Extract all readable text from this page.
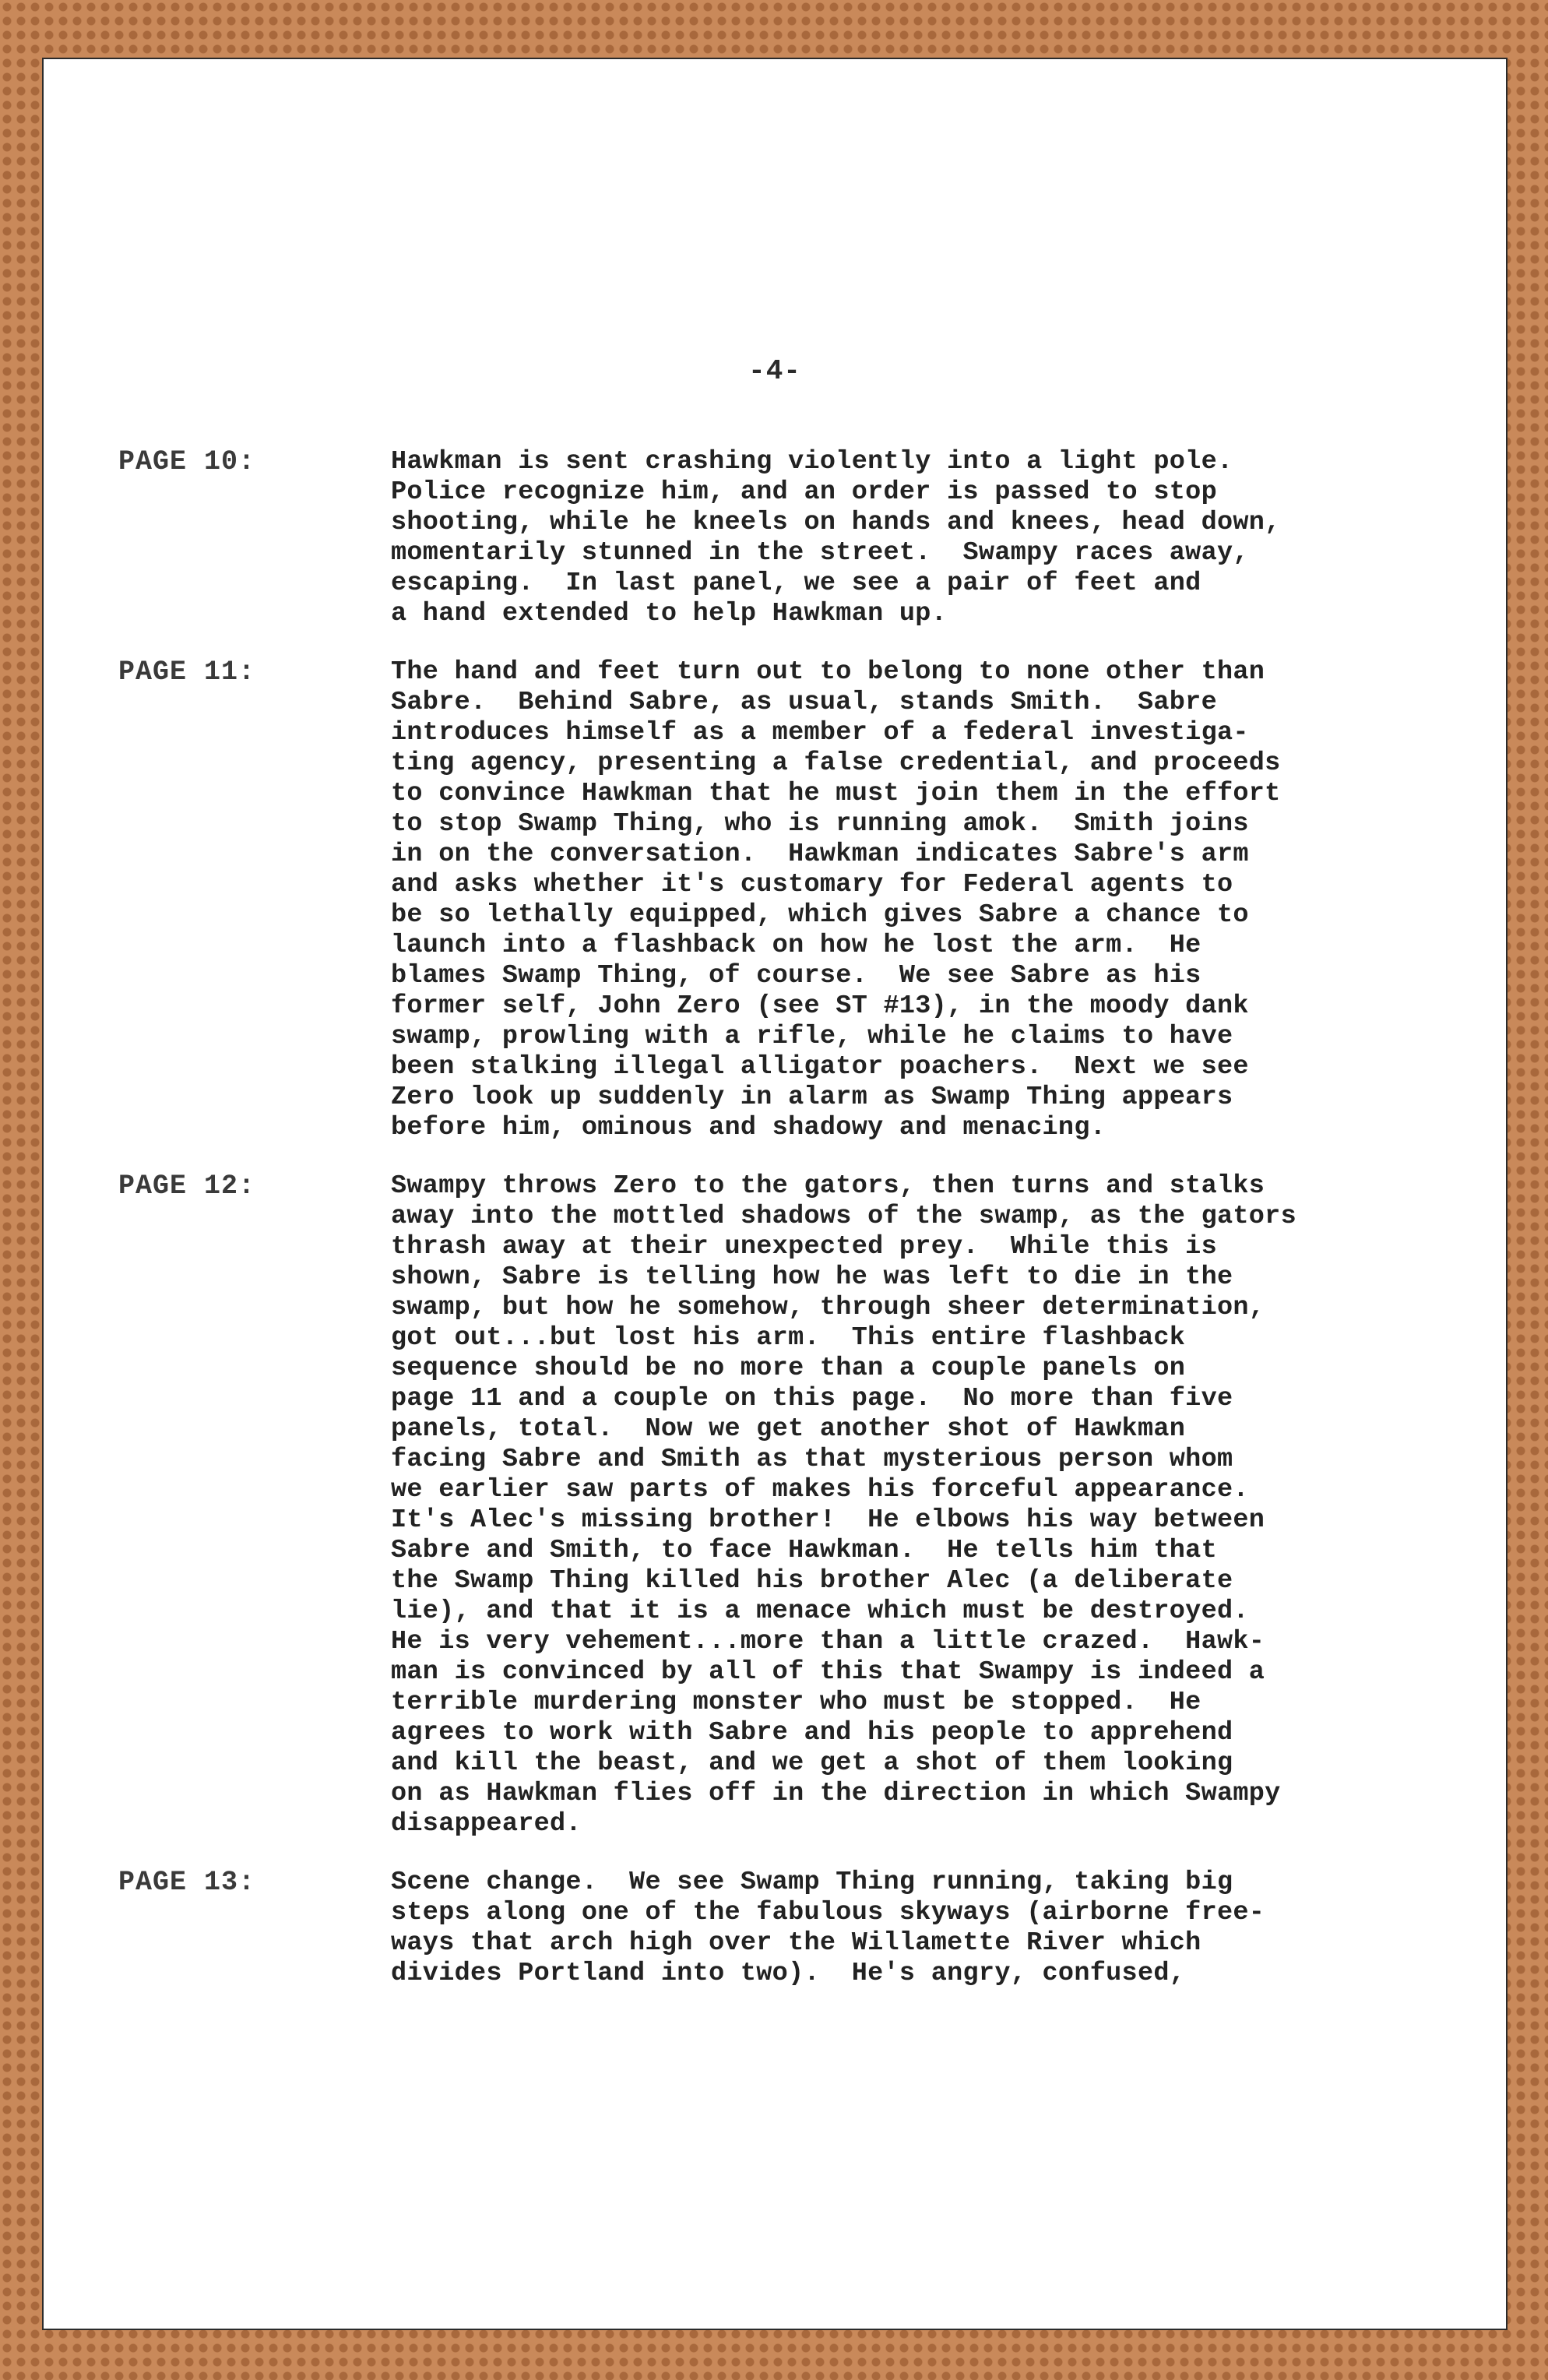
-4-
PAGE 10:	Hawkman is sent crashing violently into a light pole.
Police recognize him, and an order is passed to stop
shooting, while he kneels on hands and knees, head down,
momentarily stunned in the street.  Swampy races away,
escaping.  In last panel, we see a pair of feet and
a hand extended to help Hawkman up.
PAGE 11:	The hand and feet turn out to belong to none other than
Sabre.  Behind Sabre, as usual, stands Smith.  Sabre
introduces himself as a member of a federal investiga-
ting agency, presenting a false credential, and proceeds
to convince Hawkman that he must join them in the effort
to stop Swamp Thing, who is running amok.  Smith joins
in on the conversation.  Hawkman indicates Sabre's arm
and asks whether it's customary for Federal agents to
be so lethally equipped, which gives Sabre a chance to
launch into a flashback on how he lost the arm.  He
blames Swamp Thing, of course.  We see Sabre as his
former self, John Zero (see ST #13), in the moody dank
swamp, prowling with a rifle, while he claims to have
been stalking illegal alligator poachers.  Next we see
Zero look up suddenly in alarm as Swamp Thing appears
before him, ominous and shadowy and menacing.
PAGE 12:	Swampy throws Zero to the gators, then turns and stalks
away into the mottled shadows of the swamp, as the gators
thrash away at their unexpected prey.  While this is
shown, Sabre is telling how he was left to die in the
swamp, but how he somehow, through sheer determination,
got out...but lost his arm.  This entire flashback
sequence should be no more than a couple panels on
page 11 and a couple on this page.  No more than five
panels, total.  Now we get another shot of Hawkman
facing Sabre and Smith as that mysterious person whom
we earlier saw parts of makes his forceful appearance.
It's Alec's missing brother!  He elbows his way between
Sabre and Smith, to face Hawkman.  He tells him that
the Swamp Thing killed his brother Alec (a deliberate
lie), and that it is a menace which must be destroyed.
He is very vehement...more than a little crazed.  Hawk-
man is convinced by all of this that Swampy is indeed a
terrible murdering monster who must be stopped.  He
agrees to work with Sabre and his people to apprehend
and kill the beast, and we get a shot of them looking
on as Hawkman flies off in the direction in which Swampy
disappeared.
PAGE 13:	Scene change.  We see Swamp Thing running, taking big
steps along one of the fabulous skyways (airborne free-
ways that arch high over the Willamette River which
divides Portland into two).  He's angry, confused,
